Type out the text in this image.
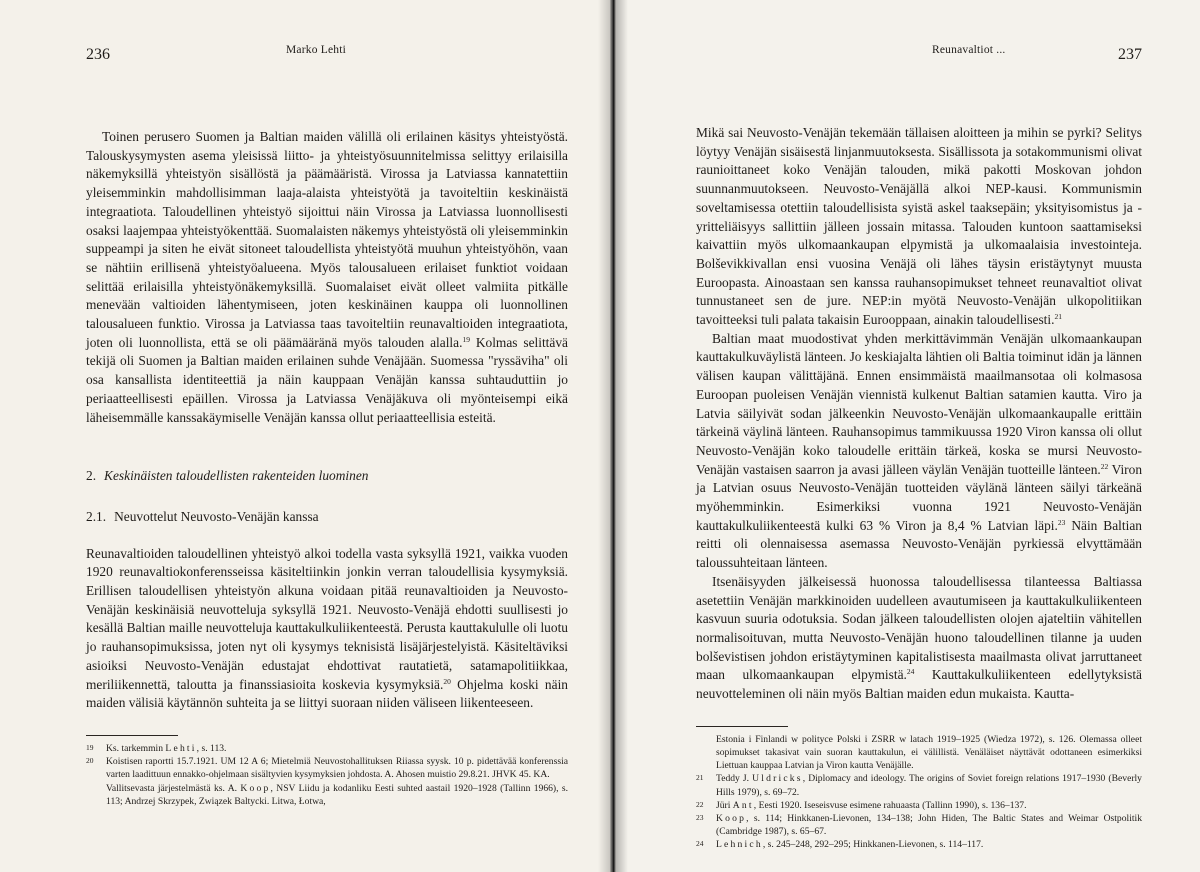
236	Marko Lehti

Toinen perusero Suomen ja Baltian maiden välillä oli erilainen käsitys yhteistyöstä. Talouskysymysten asema yleisissä liitto- ja yhteistyösuunnitelmissa selittyy erilaisilla näkemyksillä yhteistyön sisällöstä ja päämääristä. Virossa ja Latviassa kannatettiin yleisemminkin mahdollisimman laaja-alaista yhteistyötä ja tavoiteltiin keskinäistä integraatiota. Taloudellinen yhteistyö sijoittui näin Virossa ja Latviassa luonnollisesti osaksi laajempaa yhteistyökenttää. Suomalaisten näkemys yhteistyöstä oli yleisemminkin suppeampi ja siten he eivät sitoneet taloudellista yhteistyötä muuhun yhteistyöhön, vaan se nähtiin erillisenä yhteistyöalueena. Myös talousalueen erilaiset funktiot voidaan selittää erilaisilla yhteistyönäkemyksillä. Suomalaiset eivät olleet valmiita pitkälle menevään valtioiden lähentymiseen, joten keskinäinen kauppa oli luonnollinen talousalueen funktio. Virossa ja Latviassa taas tavoiteltiin reunavaltioiden integraatiota, joten oli luonnollista, että se oli päämääränä myös talouden alalla.$^{19}$ Kolmas selittävä tekijä oli Suomen ja Baltian maiden erilainen suhde Venäjään. Suomessa "ryssäviha" oli osa kansallista identiteettiä ja näin kauppaan Venäjän kanssa suhtauduttiin jo periaatteellisesti epäillen. Virossa ja Latviassa Venäjäkuva oli myönteisempi eikä läheisemmälle kanssakäymiselle Venäjän kanssa ollut periaatteellisia esteitä.

2. Keskinäisten taloudellisten rakenteiden luominen
2.1. Neuvottelut Neuvosto-Venäjän kanssa

Reunavaltioiden taloudellinen yhteistyö alkoi todella vasta syksyllä 1921, vaikka vuoden 1920 reunavaltiokonferensseissa käsiteltiinkin jonkin verran taloudellisia kysymyksiä. Erillisen taloudellisen yhteistyön alkuna voidaan pitää reunavaltioiden ja Neuvosto-Venäjän keskinäisiä neuvotteluja syksyllä 1921. Neuvosto-Venäjä ehdotti suullisesti jo kesällä Baltian maille neuvotteluja kauttakulkuliikenteestä. Perusta kauttakululle oli luotu jo rauhansopimuksissa, joten nyt oli kysymys teknisistä lisäjärjestelyistä. Käsiteltäviksi asioiksi Neuvosto-Venäjän edustajat ehdottivat rautatietä, satamapolitiikkaa, meriliikennettä, taloutta ja finanssiasioita koskevia kysymyksiä.$^{20}$ Ohjelma koski näin maiden välisiä käytännön suhteita ja se liittyi suoraan niiden väliseen liikenteeseen.

19	Ks. tarkemmin Lehti, s. 113.
20	Koistisen raportti 15.7.1921. UM 12 A 6; Mietelmiä Neuvostohallituksen Riiassa syysk. 10 p. pidettävää konferenssia varten laadittuun ennakko-ohjelmaan sisältyvien kysymyksien johdosta. A. Ahosen muistio 29.8.21. JHVK 45. KA.
Vallitsevasta järjestelmästä ks. A. Koop, NSV Liidu ja kodanliku Eesti suhted aastail 1920–1928 (Tallinn 1966), s. 113; Andrzej Skrzypek, Związek Baltycki. Litwa, Łotwa,
Reunavaltiot ...	237

Mikä sai Neuvosto-Venäjän tekemään tällaisen aloitteen ja mihin se pyrki? Selitys löytyy Venäjän sisäisestä linjanmuutoksesta. Sisällissota ja sotakommunismi olivat raunioittaneet koko Venäjän talouden, mikä pakotti Moskovan johdon suunnanmuutokseen. Neuvosto-Venäjällä alkoi NEP-kausi. Kommunismin soveltamisessa otettiin taloudellisista syistä askel taaksepäin; yksityisomistus ja -yritteliäisyys sallittiin jälleen jossain mitassa. Talouden kuntoon saattamiseksi kaivattiin myös ulkomaankaupan elpymistä ja ulkomaalaisia investointeja. Bolševikkivallan ensi vuosina Venäjä oli lähes täysin eristäytynyt muusta Euroopasta. Ainoastaan sen kanssa rauhansopimukset tehneet reunavaltiot olivat tunnustaneet sen de jure. NEP:in myötä Neuvosto-Venäjän ulkopolitiikan tavoitteeksi tuli palata takaisin Eurooppaan, ainakin taloudellisesti.$^{21}$

Baltian maat muodostivat yhden merkittävimmän Venäjän ulkomaankaupan kauttakulkuväylistä länteen. Jo keskiajalta lähtien oli Baltia toiminut idän ja lännen välisen kaupan välittäjänä. Ennen ensimmäistä maailmansotaa oli kolmasosa Euroopan puoleisen Venäjän viennistä kulkenut Baltian satamien kautta. Viro ja Latvia säilyivät sodan jälkeenkin Neuvosto-Venäjän ulkomaankaupalle erittäin tärkeinä väylinä länteen. Rauhansopimus tammikuussa 1920 Viron kanssa oli ollut Neuvosto-Venäjän koko taloudelle erittäin tärkeä, koska se mursi Neuvosto-Venäjän vastaisen saarron ja avasi jälleen väylän Venäjän tuotteille länteen.$^{22}$ Viron ja Latvian osuus Neuvosto-Venäjän tuotteiden väylänä länteen säilyi tärkeänä myöhemminkin. Esimerkiksi vuonna 1921 Neuvosto-Venäjän kauttakulkuliikenteestä kulki 63 % Viron ja 8,4 % Latvian läpi.$^{23}$ Näin Baltian reitti oli olennaisessa asemassa Neuvosto-Venäjän pyrkiessä elvyttämään taloussuhteitaan länteen.

Itsenäisyyden jälkeisessä huonossa taloudellisessa tilanteessa Baltiassa asetettiin Venäjän markkinoiden uudelleen avautumiseen ja kauttakulkuliikenteen kasvuun suuria odotuksia. Sodan jälkeen taloudellisten olojen ajateltiin vähitellen normalisoituvan, mutta Neuvosto-Venäjän huono taloudellinen tilanne ja uuden bolševistisen johdon eristäytyminen kapitalistisesta maailmasta olivat jarruttaneet maan ulkomaankaupan elpymistä.$^{24}$ Kauttakulkuliikenteen edellytyksistä neuvotteleminen oli näin myös Baltian maiden edun mukaista. Kautta-

Estonia i Finlandi w polityce Polski i ZSRR w latach 1919–1925 (Wiedza 1972), s. 126. Olemassa olleet sopimukset takasivat vain suoran kauttakulun, ei välillistä. Venäläiset näyttävät odottaneen esimerkiksi Liettuan kauppaa Latvian ja Viron kautta Venäjälle.
21	Teddy J. Uldricks, Diplomacy and ideology. The origins of Soviet foreign relations 1917–1930 (Beverly Hills 1979), s. 69–72.
22	Jüri Ant, Eesti 1920. Iseseisvuse esimene rahuaasta (Tallinn 1990), s. 136–137.
23	Koop, s. 114; Hinkkanen-Lievonen, 134–138; John Hiden, The Baltic States and Weimar Ostpolitik (Cambridge 1987), s. 65–67.
24	Lehnich, s. 245–248, 292–295; Hinkkanen-Lievonen, s. 114–117.
